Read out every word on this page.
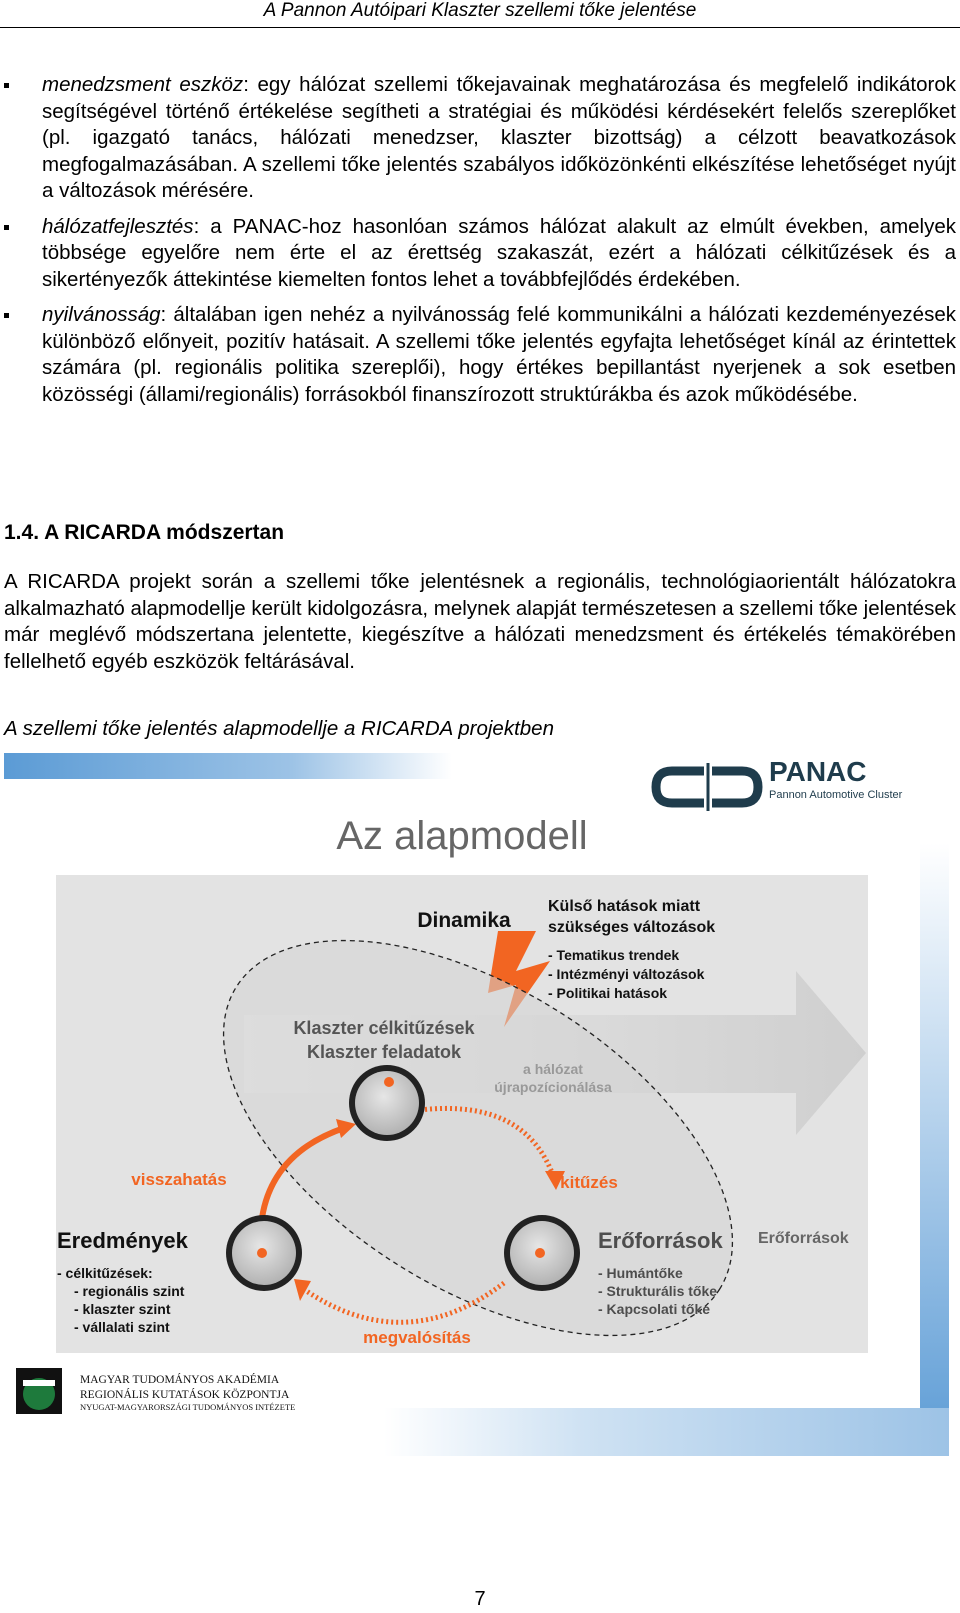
A Pannon Autóipari Klaszter szellemi tőke jelentése

menedzsment eszköz: egy hálózat szellemi tőkejavainak meghatározása és megfelelő indikátorok segítségével történő értékelése segítheti a stratégiai és működési kérdésekért felelős szereplőket (pl. igazgató tanács, hálózati menedzser, klaszter bizottság) a célzott beavatkozások megfogalmazásában. A szellemi tőke jelentés szabályos időközönkénti elkészítése lehetőséget nyújt a változások mérésére.

hálózatfejlesztés: a PANAC-hoz hasonlóan számos hálózat alakult az elmúlt években, amelyek többsége egyelőre nem érte el az érettség szakaszát, ezért a hálózati célkitűzések és a sikertényezők áttekintése kiemelten fontos lehet a továbbfejlődés érdekében.

nyilvánosság: általában igen nehéz a nyilvánosság felé kommunikálni a hálózati kezdeményezések különböző előnyeit, pozitív hatásait. A szellemi tőke jelentés egyfajta lehetőséget kínál az érintettek számára (pl. regionális politika szereplői), hogy értékes bepillantást nyerjenek a sok esetben közösségi (állami/regionális) forrásokból finanszírozott struktúrákba és azok működésébe.

1.4. A RICARDA módszertan

A RICARDA projekt során a szellemi tőke jelentésnek a regionális, technológiaorientált hálózatokra alkalmazható alapmodellje került kidolgozásra, melynek alapját természetesen a szellemi tőke jelentések már meglévő módszertana jelentette, kiegészítve a hálózati menedzsment és értékelés témakörében fellelhető egyéb eszközök feltárásával.

A szellemi tőke jelentés alapmodellje a RICARDA projektben

PANAC
Pannon Automotive Cluster
Az alapmodell
Dinamika
Külső hatások miatt
szükséges változások
- Tematikus trendek
- Intézményi változások
- Politikai hatások
Klaszter célkitűzések
Klaszter feladatok
a hálózat
újrapozícionálása
visszahatás	kitűzés
megvalósítás
Eredmények
- célkitűzések:
- regionális szint
- klaszter szint
- vállalati szint
Erőforrások
- Humántőke
- Strukturális tőke
- Kapcsolati tőke
Erőforrások
MAGYAR TUDOMÁNYOS AKADÉMIA
REGIONÁLIS KUTATÁSOK KÖZPONTJA
NYUGAT-MAGYARORSZÁGI TUDOMÁNYOS INTÉZETE
7
